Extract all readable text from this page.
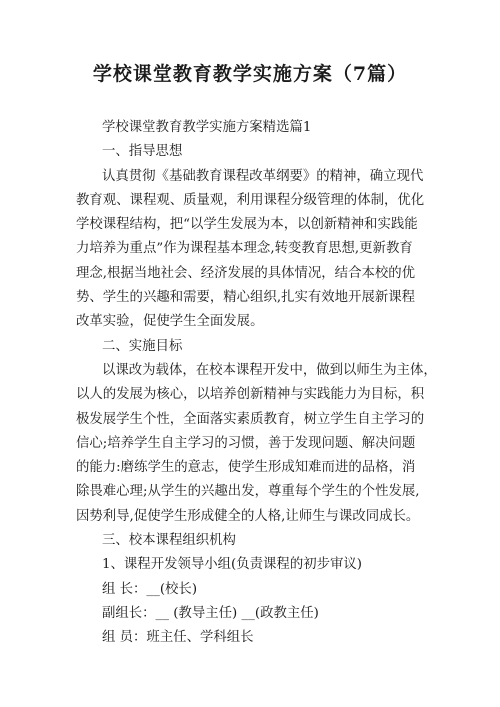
学校课堂教育教学实施方案（7篇）

学校课堂教育教学实施方案精选篇1

一、指导思想

认真贯彻《基础教育课程改革纲要》的精神，确立现代

教育观、课程观、质量观，利用课程分级管理的体制，优化

学校课程结构，把“以学生发展为本，以创新精神和实践能

力培养为重点”作为课程基本理念,转变教育思想,更新教育

理念,根据当地社会、经济发展的具体情况，结合本校的优

势、学生的兴趣和需要，精心组织,扎实有效地开展新课程

改革实验，促使学生全面发展。

二、实施目标

以课改为载体，在校本课程开发中，做到以师生为主体，

以人的发展为核心，以培养创新精神与实践能力为目标，积

极发展学生个性，全面落实素质教育，树立学生自主学习的

信心;培养学生自主学习的习惯，善于发现问题、解决问题

的能力:磨练学生的意志，使学生形成知难而进的品格，消

除畏难心理;从学生的兴趣出发，尊重每个学生的个性发展,

因势利导,促使学生形成健全的人格,让师生与课改同成长。

三、校本课程组织机构

1、课程开发领导小组(负责课程的初步审议)

组 长：__(校长)

副组长：__ (教导主任) __(政教主任)

组 员：班主任、学科组长
